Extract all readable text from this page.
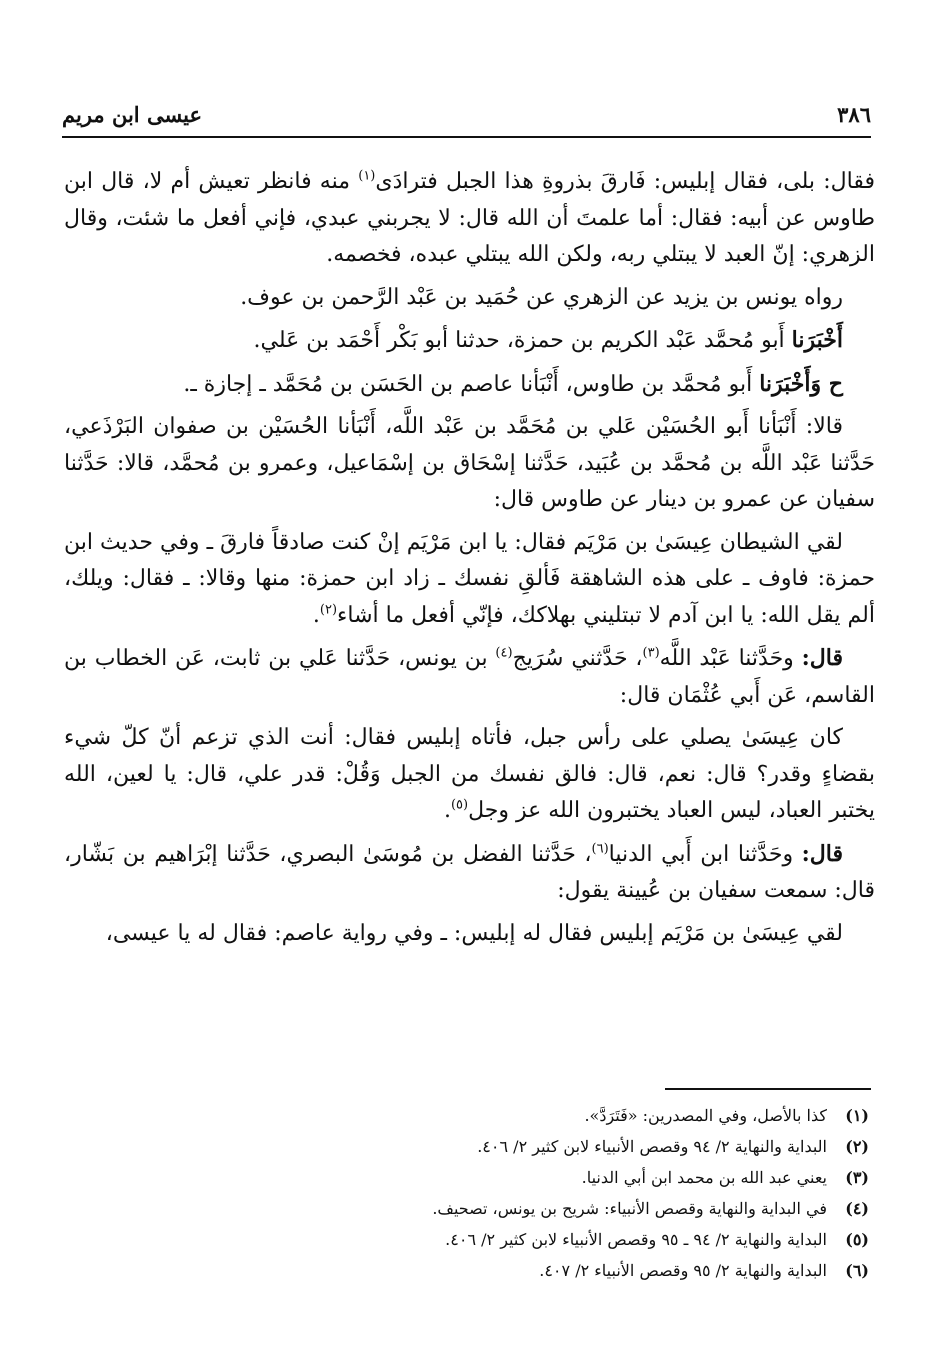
٣٨٦
عيسى ابن مريم

فقال: بلى، فقال إبليس: فَارقَ بذروةِ هذا الجبل فترادَى$^{(١)}$ منه فانظر تعيش أم لا، قال ابن طاوس عن أبيه: فقال: أما علمتَ أن الله قال: لا يجربني عبدي، فإني أفعل ما شئت، وقال الزهري: إنّ العبد لا يبتلي ربه، ولكن الله يبتلي عبده، فخصمه.

رواه يونس بن يزيد عن الزهري عن حُمَيد بن عَبْد الرَّحمن بن عوف.

أَخْبَرَنا أَبو مُحمَّد عَبْد الكريم بن حمزة، حدثنا أبو بَكْر أَحْمَد بن عَلي.

ح وَأَخْبَرَنا أَبو مُحمَّد بن طاوس، أَنْبَأنا عاصم بن الحَسَن بن مُحَمَّد ـ إجازة ـ.

قالا: أَنْبَأنا أَبو الحُسَيْن عَلي بن مُحَمَّد بن عَبْد اللَّه، أَنْبَأنا الحُسَيْن بن صفوان البَرْذَعي، حَدَّثنا عَبْد اللَّه بن مُحمَّد بن عُبَيد، حَدَّثنا إسْحَاق بن إسْمَاعيل، وعمرو بن مُحمَّد، قالا: حَدَّثنا سفيان عن عمرو بن دينار عن طاوس قال:

لقي الشيطان عِيسَىٰ بن مَرْيَم فقال: يا ابن مَرْيَم إنْ كنت صادقاً فارقَ ـ وفي حديث ابن حمزة: فاوف ـ على هذه الشاهقة فَألقِ نفسك ـ زاد ابن حمزة: منها وقالا: ـ فقال: ويلك، ألم يقل الله: يا ابن آدم لا تبتليني بهلاكك، فإنّي أفعل ما أشاء$^{(٢)}$.

قال: وحَدَّثنا عَبْد اللَّه$^{(٣)}$، حَدَّثني سُرَيج$^{(٤)}$ بن يونس، حَدَّثنا عَلي بن ثابت، عَن الخطاب بن القاسم، عَن أَبي عُثْمَان قال:

كان عِيسَىٰ يصلي على رأس جبل، فأتاه إبليس فقال: أنت الذي تزعم أنّ كلّ شيء بقضاءٍ وقدر؟ قال: نعم، قال: فالق نفسك من الجبل وَقُلْ: قدر علي، قال: يا لعين، الله يختبر العباد، ليس العباد يختبرون الله عز وجل$^{(٥)}$.

قال: وحَدَّثنا ابن أَبي الدنيا$^{(٦)}$، حَدَّثنا الفضل بن مُوسَىٰ البصري، حَدَّثنا إبْرَاهيم بن بَشّار، قال: سمعت سفيان بن عُيينة يقول:

لقي عِيسَىٰ بن مَرْيَم إبليس فقال له إبليس: ـ وفي رواية عاصم: فقال له يا عيسى،

(١)
كذا بالأصل، وفي المصدرين: «فَتَرَدَّ».
(٢)
البداية والنهاية ٢/ ٩٤ وقصص الأنبياء لابن كثير ٢/ ٤٠٦.
(٣)
يعني عبد الله بن محمد ابن أبي الدنيا.
(٤)
في البداية والنهاية وقصص الأنبياء: شريح بن يونس، تصحيف.
(٥)
البداية والنهاية ٢/ ٩٤ ـ ٩٥ وقصص الأنبياء لابن كثير ٢/ ٤٠٦.
(٦)
البداية والنهاية ٢/ ٩٥ وقصص الأنبياء ٢/ ٤٠٧.
